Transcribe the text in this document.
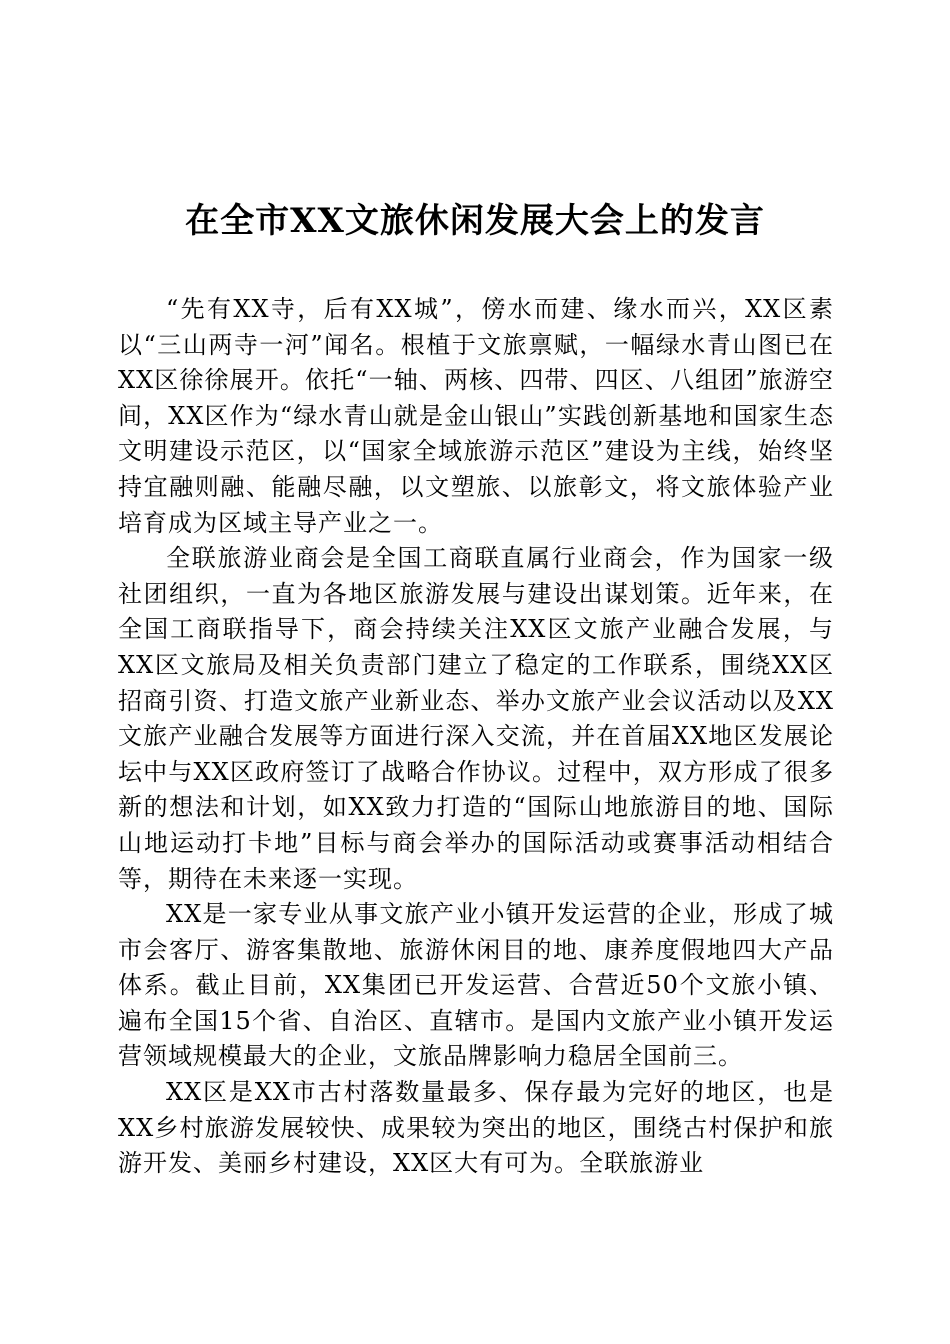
在全市XX文旅休闲发展大会上的发言

“先有XX寺，后有XX城”，傍水而建、缘水而兴，XX区素以“三山两寺一河”闻名。根植于文旅禀赋，一幅绿水青山图已在XX区徐徐展开。依托“一轴、两核、四带、四区、八组团”旅游空间，XX区作为“绿水青山就是金山银山”实践创新基地和国家生态文明建设示范区，以“国家全域旅游示范区”建设为主线，始终坚持宜融则融、能融尽融，以文塑旅、以旅彰文，将文旅体验产业培育成为区域主导产业之一。

全联旅游业商会是全国工商联直属行业商会，作为国家一级社团组织，一直为各地区旅游发展与建设出谋划策。近年来，在全国工商联指导下，商会持续关注XX区文旅产业融合发展，与XX区文旅局及相关负责部门建立了稳定的工作联系，围绕XX区招商引资、打造文旅产业新业态、举办文旅产业会议活动以及XX文旅产业融合发展等方面进行深入交流，并在首届XX地区发展论坛中与XX区政府签订了战略合作协议。过程中，双方形成了很多新的想法和计划，如XX致力打造的“国际山地旅游目的地、国际山地运动打卡地”目标与商会举办的国际活动或赛事活动相结合等，期待在未来逐一实现。

XX是一家专业从事文旅产业小镇开发运营的企业，形成了城市会客厅、游客集散地、旅游休闲目的地、康养度假地四大产品体系。截止目前，XX集团已开发运营、合营近50个文旅小镇、遍布全国15个省、自治区、直辖市。是国内文旅产业小镇开发运营领域规模最大的企业，文旅品牌影响力稳居全国前三。

XX区是XX市古村落数量最多、保存最为完好的地区，也是XX乡村旅游发展较快、成果较为突出的地区，围绕古村保护和旅游开发、美丽乡村建设，XX区大有可为。全联旅游业
